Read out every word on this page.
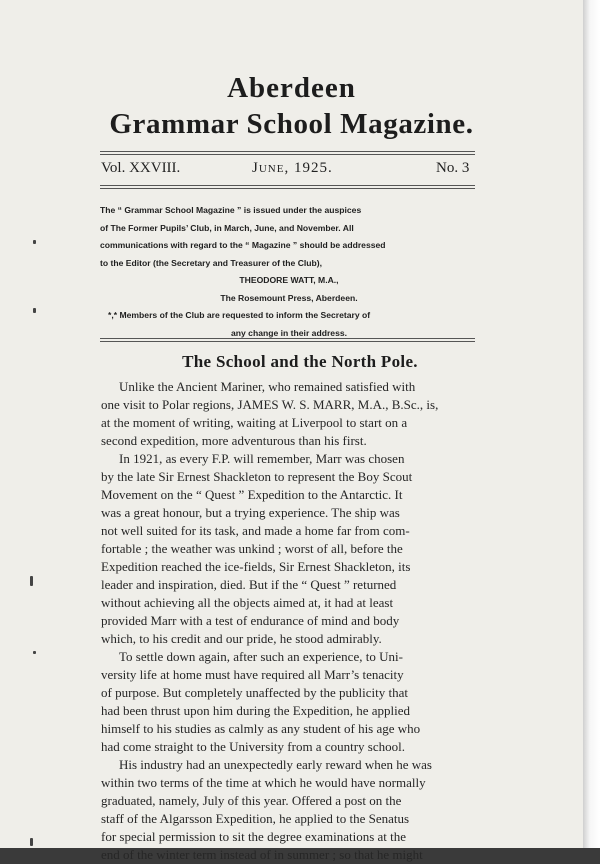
Aberdeen
Grammar School Magazine.
Vol. XXVIII.	June, 1925.	No. 3

The “ Grammar School Magazine ” is issued under the auspices

of The Former Pupils’ Club, in March, June, and November. All

communications with regard to the “ Magazine ” should be addressed

to the Editor (the Secretary and Treasurer of the Club),

THEODORE WATT, M.A.,

The Rosemount Press, Aberdeen.

*,* Members of the Club are requested to inform the Secretary of

any change in their address.

The School and the North Pole.
Unlike the Ancient Mariner, who remained satisfied with
one visit to Polar regions, JAMES W. S. MARR, M.A., B.Sc., is,
at the moment of writing, waiting at Liverpool to start on a
second expedition, more adventurous than his first.
In 1921, as every F.P. will remember, Marr was chosen
by the late Sir Ernest Shackleton to represent the Boy Scout
Movement on the “ Quest ” Expedition to the Antarctic. It
was a great honour, but a trying experience. The ship was
not well suited for its task, and made a home far from com-
fortable ; the weather was unkind ; worst of all, before the
Expedition reached the ice-fields, Sir Ernest Shackleton, its
leader and inspiration, died. But if the “ Quest ” returned
without achieving all the objects aimed at, it had at least
provided Marr with a test of endurance of mind and body
which, to his credit and our pride, he stood admirably.
To settle down again, after such an experience, to Uni-
versity life at home must have required all Marr’s tenacity
of purpose. But completely unaffected by the publicity that
had been thrust upon him during the Expedition, he applied
himself to his studies as calmly as any student of his age who
had come straight to the University from a country school.
His industry had an unexpectedly early reward when he was
within two terms of the time at which he would have normally
graduated, namely, July of this year. Offered a post on the
staff of the Algarsson Expedition, he applied to the Senatus
for special permission to sit the degree examinations at the
end of the winter term instead of in summer ; so that he might
